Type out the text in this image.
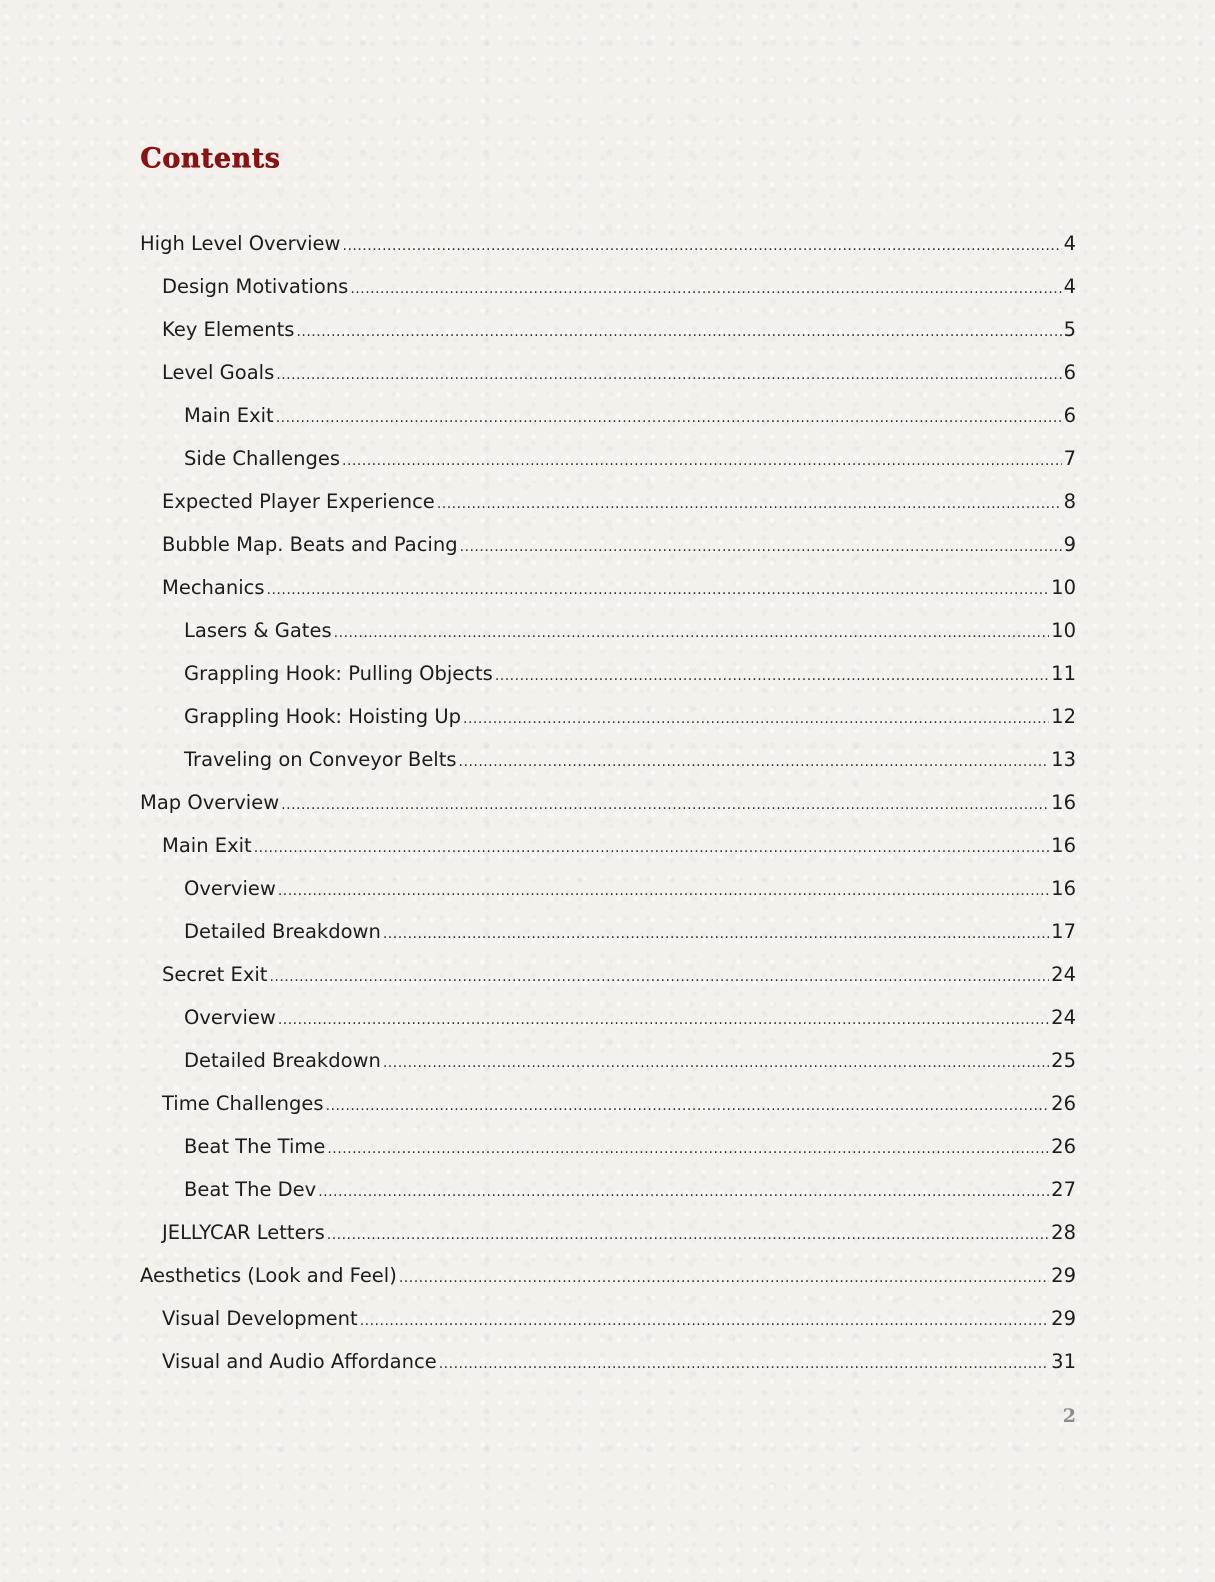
Contents
High Level Overview .....	4
Design Motivations .....	4
Key Elements .....	5
Level Goals .....	6
Main Exit .....	6
Side Challenges .....	7
Expected Player Experience .....	8
Bubble Map. Beats and Pacing .....	9
Mechanics .....	10
Lasers & Gates .....	10
Grappling Hook: Pulling Objects .....	11
Grappling Hook: Hoisting Up .....	12
Traveling on Conveyor Belts .....	13
Map Overview .....	16
Main Exit .....	16
Overview .....	16
Detailed Breakdown .....	17
Secret Exit .....	24
Overview .....	24
Detailed Breakdown .....	25
Time Challenges .....	26
Beat The Time .....	26
Beat The Dev .....	27
JELLYCAR Letters .....	28
Aesthetics (Look and Feel) .....	29
Visual Development .....	29
Visual and Audio Affordance .....	31
2
